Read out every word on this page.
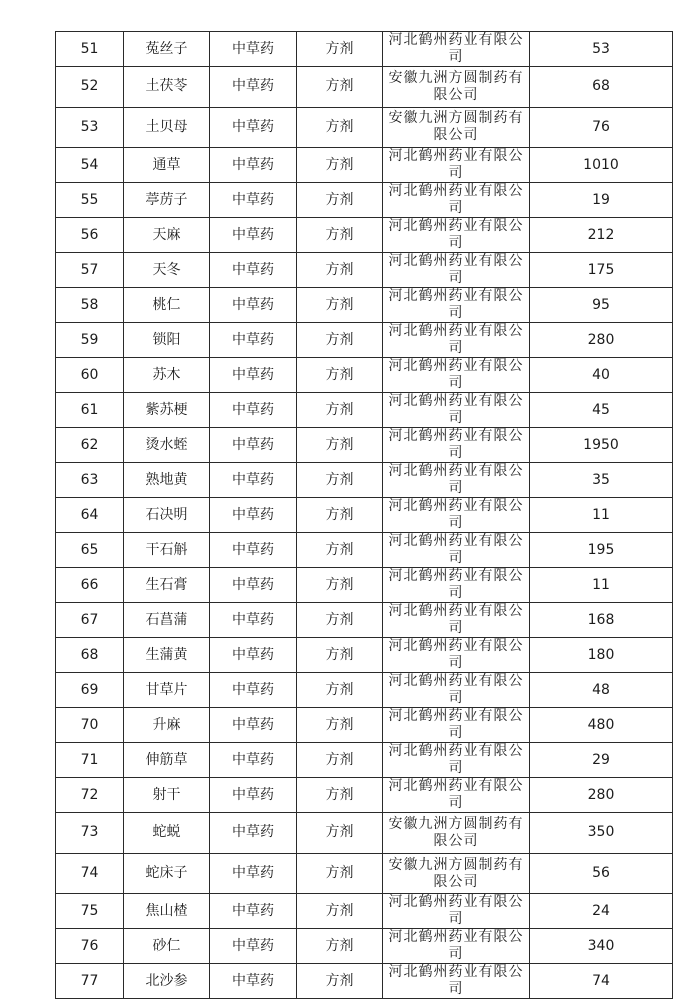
51	菟丝子	中草药	方剂	河北鹤州药业有限公司	53
52	土茯苓	中草药	方剂	安徽九洲方圆制药有限公司	68
53	土贝母	中草药	方剂	安徽九洲方圆制药有限公司	76
54	通草	中草药	方剂	河北鹤州药业有限公司	1010
55	葶苈子	中草药	方剂	河北鹤州药业有限公司	19
56	天麻	中草药	方剂	河北鹤州药业有限公司	212
57	天冬	中草药	方剂	河北鹤州药业有限公司	175
58	桃仁	中草药	方剂	河北鹤州药业有限公司	95
59	锁阳	中草药	方剂	河北鹤州药业有限公司	280
60	苏木	中草药	方剂	河北鹤州药业有限公司	40
61	紫苏梗	中草药	方剂	河北鹤州药业有限公司	45
62	烫水蛭	中草药	方剂	河北鹤州药业有限公司	1950
63	熟地黄	中草药	方剂	河北鹤州药业有限公司	35
64	石决明	中草药	方剂	河北鹤州药业有限公司	11
65	干石斛	中草药	方剂	河北鹤州药业有限公司	195
66	生石膏	中草药	方剂	河北鹤州药业有限公司	11
67	石菖蒲	中草药	方剂	河北鹤州药业有限公司	168
68	生蒲黄	中草药	方剂	河北鹤州药业有限公司	180
69	甘草片	中草药	方剂	河北鹤州药业有限公司	48
70	升麻	中草药	方剂	河北鹤州药业有限公司	480
71	伸筋草	中草药	方剂	河北鹤州药业有限公司	29
72	射干	中草药	方剂	河北鹤州药业有限公司	280
73	蛇蜕	中草药	方剂	安徽九洲方圆制药有限公司	350
74	蛇床子	中草药	方剂	安徽九洲方圆制药有限公司	56
75	焦山楂	中草药	方剂	河北鹤州药业有限公司	24
76	砂仁	中草药	方剂	河北鹤州药业有限公司	340
77	北沙参	中草药	方剂	河北鹤州药业有限公司	74
